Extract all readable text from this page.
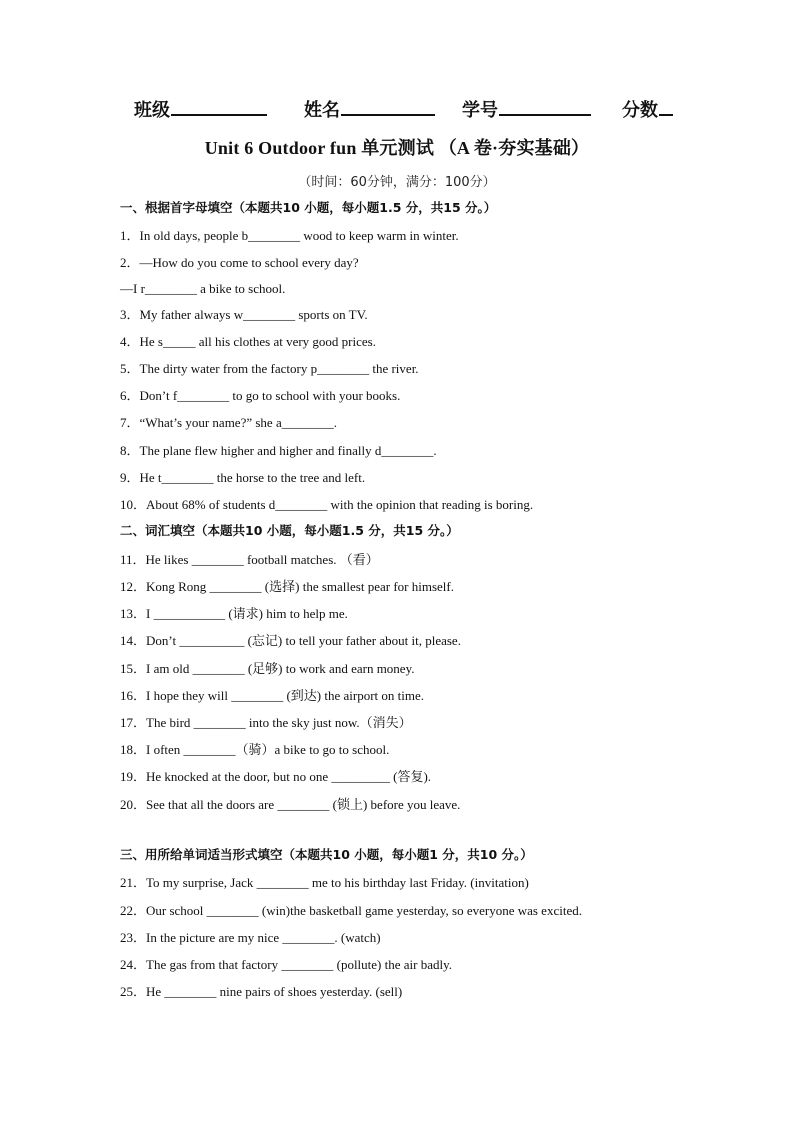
班级	姓名	学号	分数
Unit 6 Outdoor fun 单元测试 （A 卷·夯实基础）
（时间：60分钟，满分：100分）
一、根据首字母填空（本题共10 小题，每小题1.5 分，共15 分。）
1．In old days, people b________ wood to keep warm in winter.
2．—How do you come to school every day?
—I r________ a bike to school.
3．My father always w________ sports on TV.
4．He s_____ all his clothes at very good prices.
5．The dirty water from the factory p________ the river.
6．Don’t f________ to go to school with your books.
7．“What’s your name?” she a________.
8．The plane flew higher and higher and finally d________.
9．He t________ the horse to the tree and left.
10．About 68% of students d________ with the opinion that reading is boring.
二、词汇填空（本题共10 小题，每小题1.5 分，共15 分。）
11．He likes ________ football matches. （看）
12．Kong Rong ________ (选择) the smallest pear for himself.
13．I ___________ (请求) him to help me.
14．Don’t __________ (忘记) to tell your father about it, please.
15．I am old ________ (足够) to work and earn money.
16．I hope they will ________ (到达) the airport on time.
17．The bird ________ into the sky just now.（消失）
18．I often ________（骑）a bike to go to school.
19．He knocked at the door, but no one _________ (答复).
20．See that all the doors are ________ (锁上) before you leave.
三、用所给单词适当形式填空（本题共10 小题，每小题1 分，共10 分。）
21．To my surprise, Jack ________ me to his birthday last Friday. (invitation)
22．Our school ________ (win)the basketball game yesterday, so everyone was excited.
23．In the picture are my nice ________. (watch)
24．The gas from that factory ________ (pollute) the air badly.
25．He ________ nine pairs of shoes yesterday. (sell)
